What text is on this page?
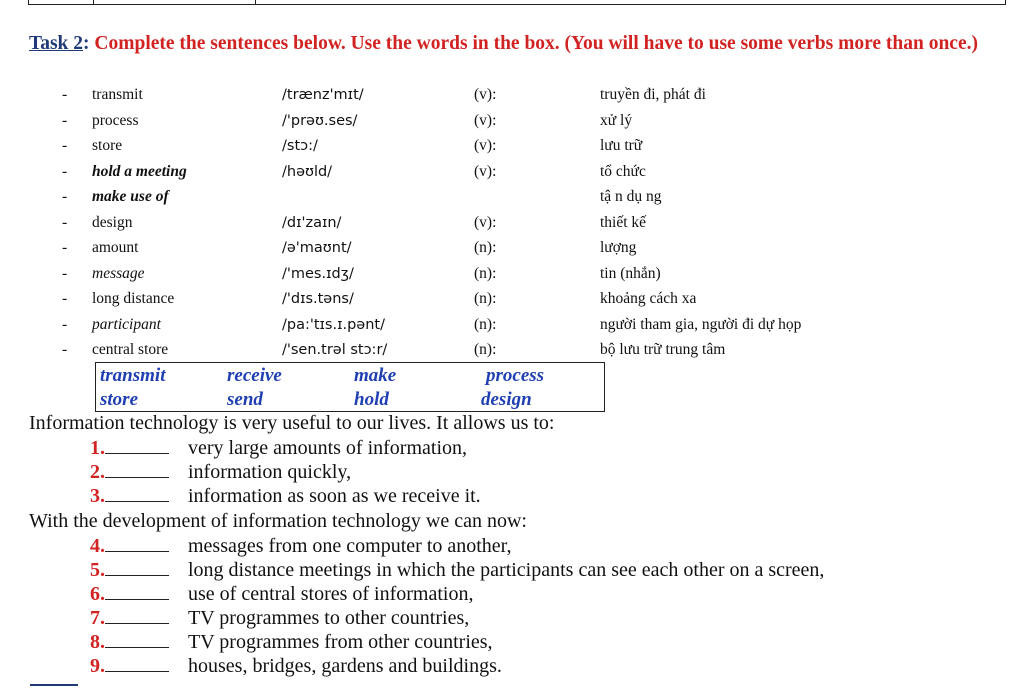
Task 2: Complete the sentences below. Use the words in the box. (You will have to use some verbs more than once.)
- transmit	/trænz'mɪt/	(v):	truyền đi, phát đi
- process	/'prəʊ.ses/	(v):	xử lý
- store	/stɔ:/	(v):	lưu trữ
- hold a meeting	/həʊld/	(v):	tổ chức
- make use of	tậ n dụ ng
- design	/dɪ'zaɪn/	(v):	thiết kế
- amount	/ə'maʊnt/	(n):	lượng
- message	/'mes.ɪdʒ/	(n):	tin (nhắn)
- long distance	/'dɪs.təns/	(n):	khoảng cách xa
- participant	/pa:'tɪs.ɪ.pənt/	(n):	người tham gia, người đi dự họp
- central store	/'sen.trəl stɔ:r/	(n):	bộ lưu trữ trung tâm
transmit	receive	make	process
store	send	hold	design
Information technology is very useful to our lives. It allows us to:
1.	very large amounts of information,
2.	information quickly,
3.	information as soon as we receive it.
With the development of information technology we can now:
4.	messages from one computer to another,
5.	long distance meetings in which the participants can see each other on a screen,
6.	use of central stores of information,
7.	TV programmes to other countries,
8.	TV programmes from other countries,
9.	houses, bridges, gardens and buildings.
